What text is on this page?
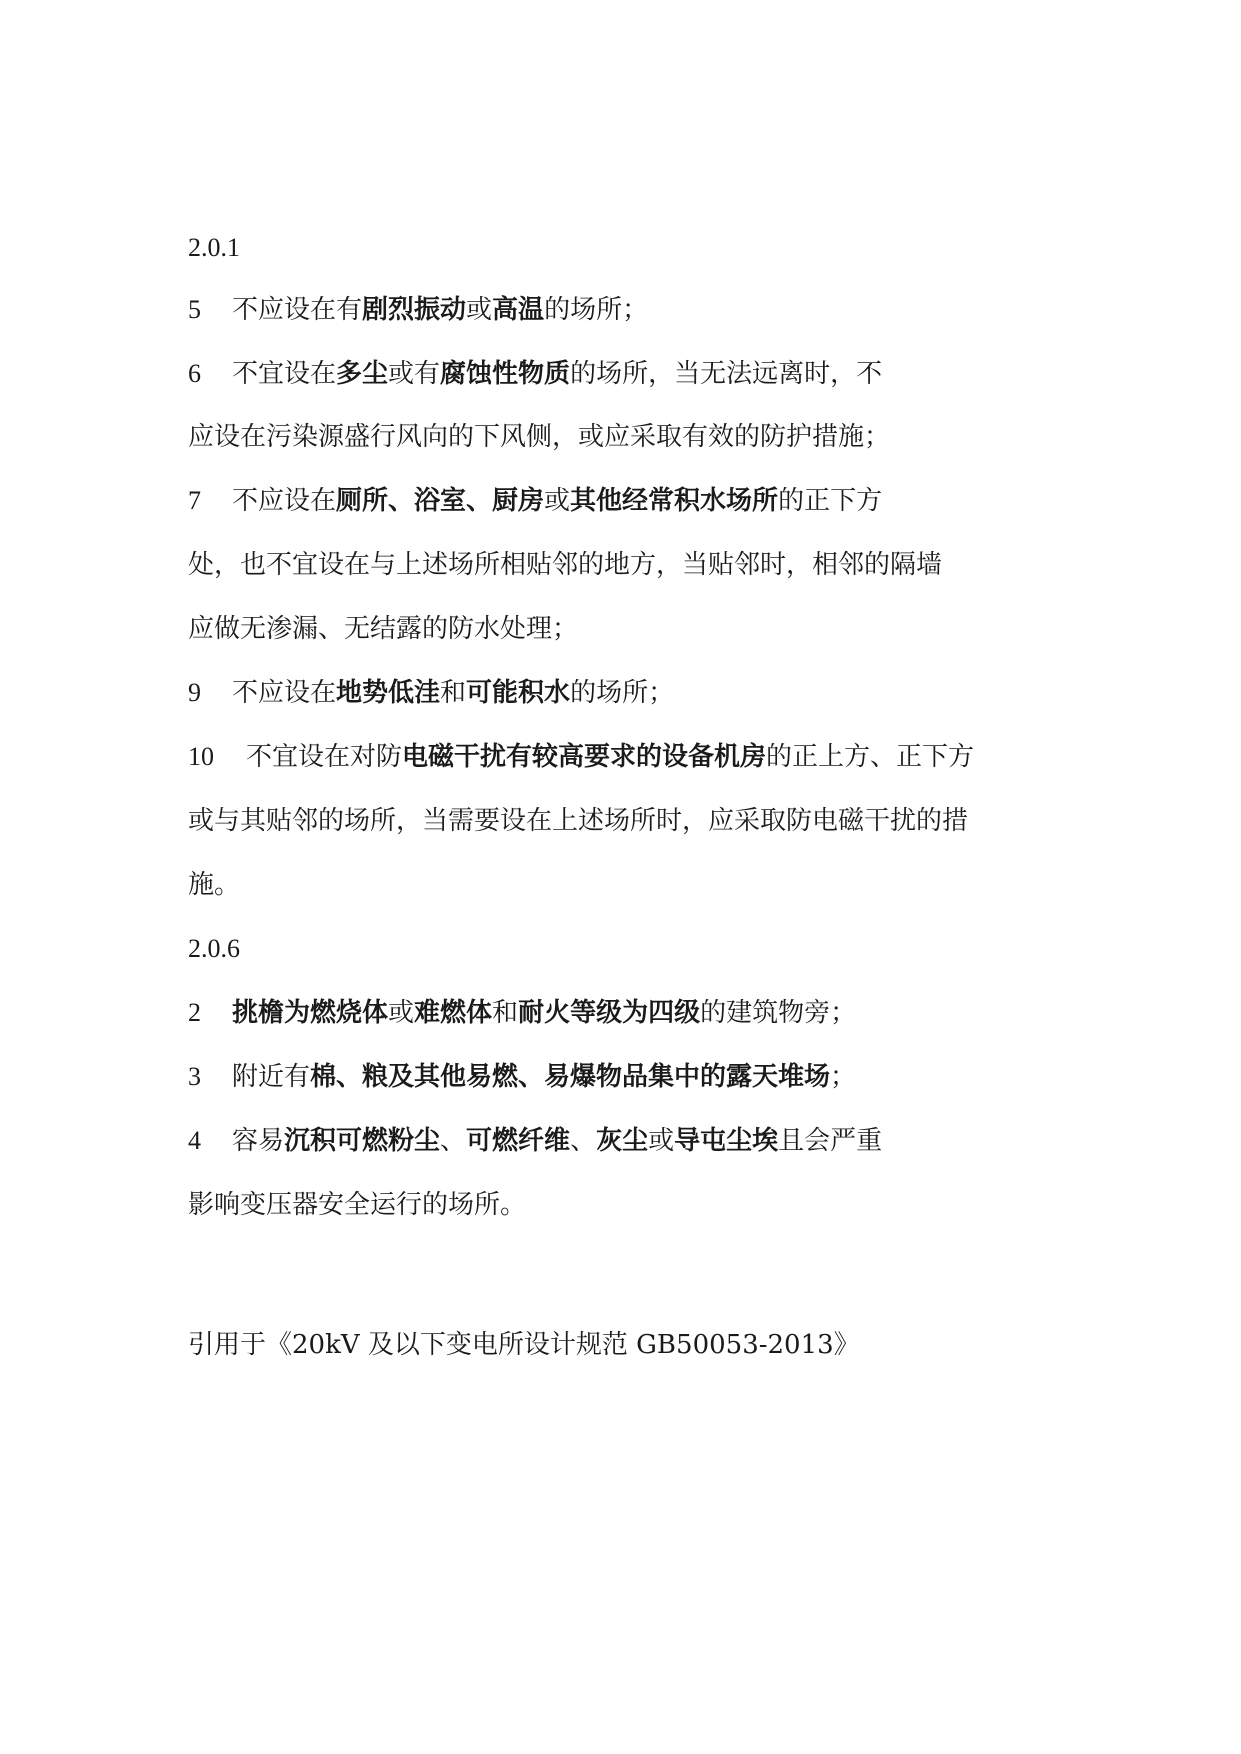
2.0.1

5 不应设在有剧烈振动或高温的场所；

6 不宜设在多尘或有腐蚀性物质的场所，当无法远离时，不

应设在污染源盛行风向的下风侧，或应采取有效的防护措施；

7 不应设在厕所、浴室、厨房或其他经常积水场所的正下方

处，也不宜设在与上述场所相贴邻的地方，当贴邻时，相邻的隔墙

应做无渗漏、无结露的防水处理；

9 不应设在地势低洼和可能积水的场所；

10 不宜设在对防电磁干扰有较高要求的设备机房的正上方、正下方

或与其贴邻的场所，当需要设在上述场所时，应采取防电磁干扰的措

施。

2.0.6

2 挑檐为燃烧体或难燃体和耐火等级为四级的建筑物旁；

3 附近有棉、粮及其他易燃、易爆物品集中的露天堆场；

4 容易沉积可燃粉尘、可燃纤维、灰尘或导屯尘埃且会严重

影响变压器安全运行的场所。

引用于《20kV 及以下变电所设计规范 GB50053-2013》
